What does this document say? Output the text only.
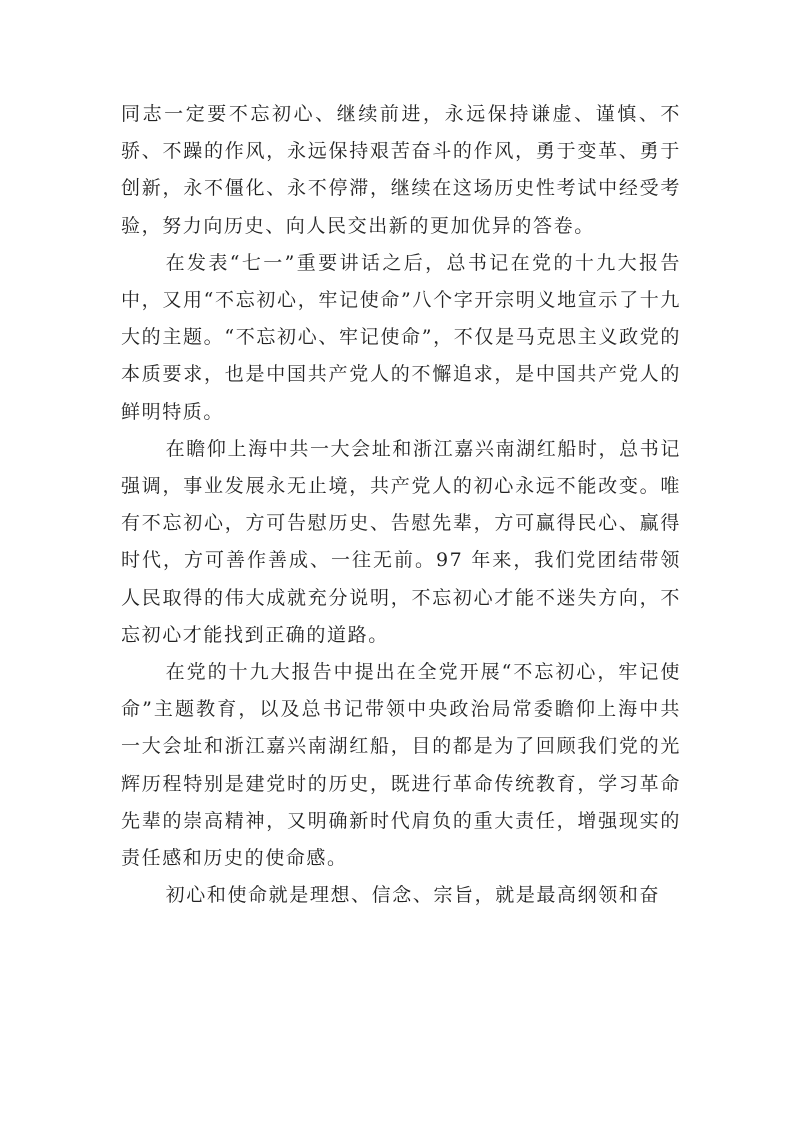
同志一定要不忘初心、继续前进，永远保持谦虚、谨慎、不骄、不躁的作风，永远保持艰苦奋斗的作风，勇于变革、勇于创新，永不僵化、永不停滞，继续在这场历史性考试中经受考验，努力向历史、向人民交出新的更加优异的答卷。

在发表“七一”重要讲话之后，总书记在党的十九大报告中，又用“不忘初心，牢记使命”八个字开宗明义地宣示了十九大的主题。“不忘初心、牢记使命”，不仅是马克思主义政党的本质要求，也是中国共产党人的不懈追求，是中国共产党人的鲜明特质。

在瞻仰上海中共一大会址和浙江嘉兴南湖红船时，总书记强调，事业发展永无止境，共产党人的初心永远不能改变。唯有不忘初心，方可告慰历史、告慰先辈，方可赢得民心、赢得时代，方可善作善成、一往无前。97 年来，我们党团结带领人民取得的伟大成就充分说明，不忘初心才能不迷失方向，不忘初心才能找到正确的道路。

在党的十九大报告中提出在全党开展“不忘初心，牢记使命”主题教育，以及总书记带领中央政治局常委瞻仰上海中共一大会址和浙江嘉兴南湖红船，目的都是为了回顾我们党的光辉历程特别是建党时的历史，既进行革命传统教育，学习革命先辈的崇高精神，又明确新时代肩负的重大责任，增强现实的责任感和历史的使命感。

初心和使命就是理想、信念、宗旨，就是最高纲领和奋
